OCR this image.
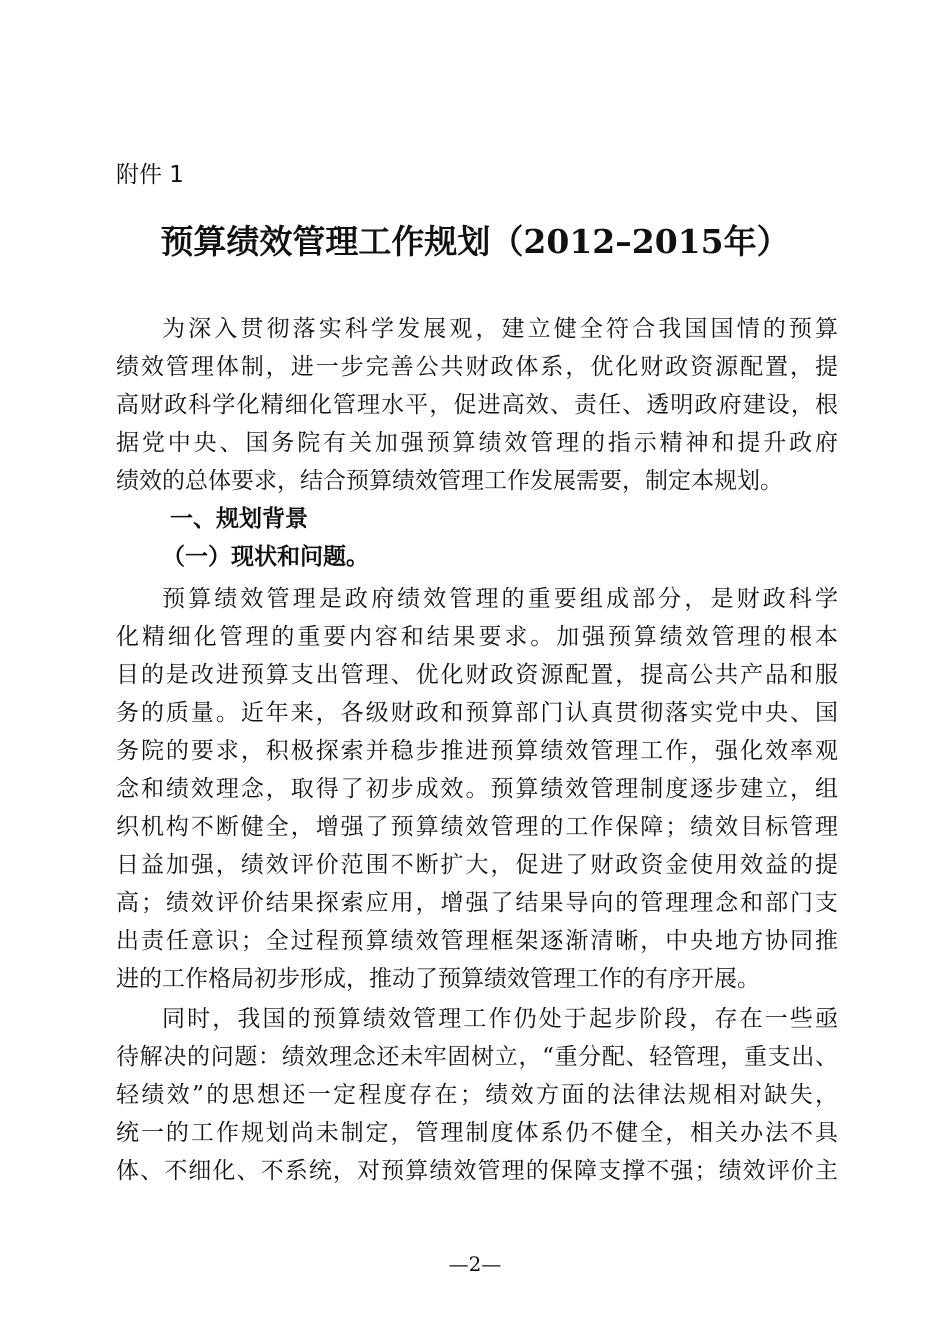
附件 1
预算绩效管理工作规划（2012–2015年）
为深入贯彻落实科学发展观，建立健全符合我国国情的预算
绩效管理体制，进一步完善公共财政体系，优化财政资源配置，提
高财政科学化精细化管理水平，促进高效、责任、透明政府建设，根
据党中央、国务院有关加强预算绩效管理的指示精神和提升政府
绩效的总体要求，结合预算绩效管理工作发展需要，制定本规划。
一、规划背景
（一）现状和问题。
预算绩效管理是政府绩效管理的重要组成部分，是财政科学
化精细化管理的重要内容和结果要求。加强预算绩效管理的根本
目的是改进预算支出管理、优化财政资源配置，提高公共产品和服
务的质量。近年来，各级财政和预算部门认真贯彻落实党中央、国
务院的要求，积极探索并稳步推进预算绩效管理工作，强化效率观
念和绩效理念，取得了初步成效。预算绩效管理制度逐步建立，组
织机构不断健全，增强了预算绩效管理的工作保障；绩效目标管理
日益加强，绩效评价范围不断扩大，促进了财政资金使用效益的提
高；绩效评价结果探索应用，增强了结果导向的管理理念和部门支
出责任意识；全过程预算绩效管理框架逐渐清晰，中央地方协同推
进的工作格局初步形成，推动了预算绩效管理工作的有序开展。
同时，我国的预算绩效管理工作仍处于起步阶段，存在一些亟
待解决的问题：绩效理念还未牢固树立，“重分配、轻管理，重支出、
轻绩效”的思想还一定程度存在；绩效方面的法律法规相对缺失，
统一的工作规划尚未制定，管理制度体系仍不健全，相关办法不具
体、不细化、不系统，对预算绩效管理的保障支撑不强；绩效评价主
—2—
